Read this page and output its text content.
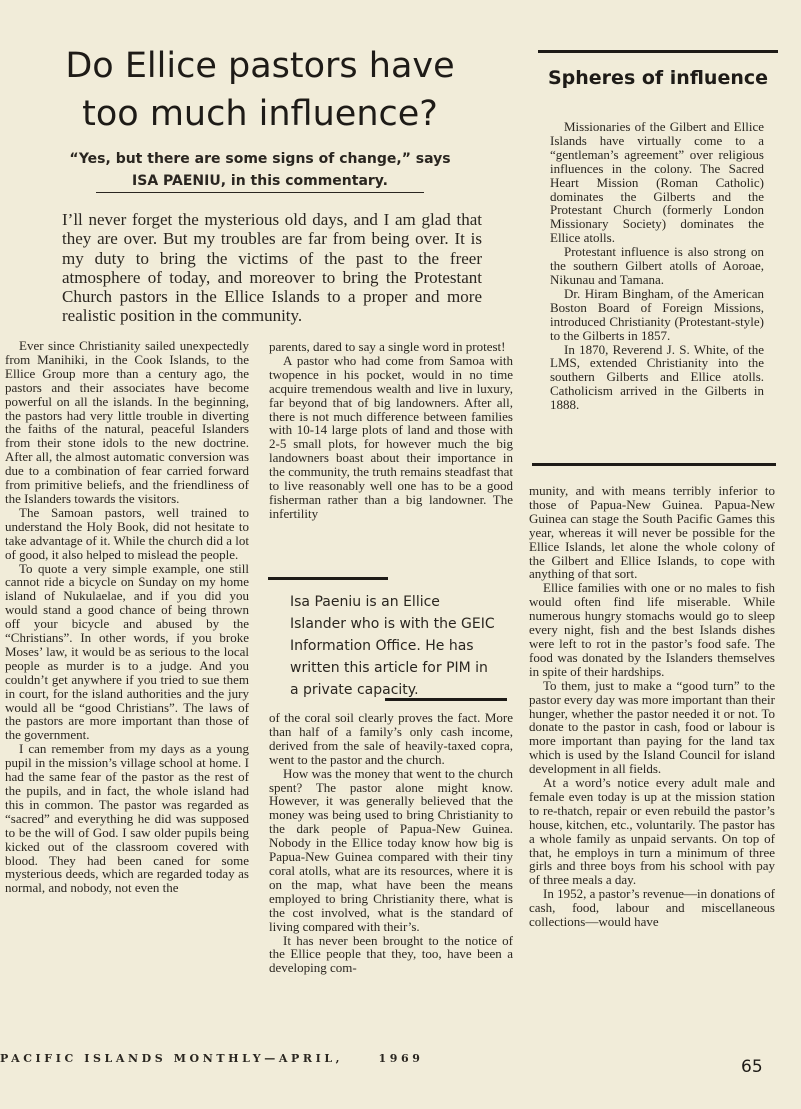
Do Ellice pastors have too much influence?
“Yes, but there are some signs of change,” says
ISA PAENIU, in this commentary.

I’ll never forget the mysterious old days, and I am glad that they are over. But my troubles are far from being over. It is my duty to bring the victims of the past to the freer atmosphere of today, and moreover to bring the Protestant Church pastors in the Ellice Islands to a proper and more realistic position in the community.

Ever since Christianity sailed unexpectedly from Manihiki, in the Cook Islands, to the Ellice Group more than a century ago, the pastors and their associates have become powerful on all the islands. In the beginning, the pastors had very little trouble in diverting the faiths of the natural, peaceful Islanders from their stone idols to the new doctrine. After all, the almost automatic conversion was due to a combination of fear carried forward from primitive beliefs, and the friendliness of the Islanders towards the visitors.

The Samoan pastors, well trained to understand the Holy Book, did not hesitate to take advantage of it. While the church did a lot of good, it also helped to mislead the people.

To quote a very simple example, one still cannot ride a bicycle on Sunday on my home island of Nukulaelae, and if you did you would stand a good chance of being thrown off your bicycle and abused by the “Christians”. In other words, if you broke Moses’ law, it would be as serious to the local people as murder is to a judge. And you couldn’t get anywhere if you tried to sue them in court, for the island authorities and the jury would all be “good Christians”. The laws of the pastors are more important than those of the government.

I can remember from my days as a young pupil in the mission’s village school at home. I had the same fear of the pastor as the rest of the pupils, and in fact, the whole island had this in common. The pastor was regarded as “sacred” and everything he did was supposed to be the will of God. I saw older pupils being kicked out of the classroom covered with blood. They had been caned for some mysterious deeds, which are regarded today as normal, and nobody, not even the

parents, dared to say a single word in protest!

A pastor who had come from Samoa with twopence in his pocket, would in no time acquire tremendous wealth and live in luxury, far beyond that of big landowners. After all, there is not much difference between families with 10-14 large plots of land and those with 2-5 small plots, for however much the big landowners boast about their importance in the community, the truth remains steadfast that to live reasonably well one has to be a good fisherman rather than a big landowner. The infertility

Isa Paeniu is an Ellice Islander who is with the GEIC Information Office. He has written this article for PIM in a private capacity.

of the coral soil clearly proves the fact. More than half of a family’s only cash income, derived from the sale of heavily-taxed copra, went to the pastor and the church.

How was the money that went to the church spent? The pastor alone might know. However, it was generally believed that the money was being used to bring Christianity to the dark people of Papua-New Guinea. Nobody in the Ellice today know how big is Papua-New Guinea compared with their tiny coral atolls, what are its resources, where it is on the map, what have been the means employed to bring Christianity there, what is the cost involved, what is the standard of living compared with their’s.

It has never been brought to the notice of the Ellice people that they, too, have been a developing com-

Spheres of influence

Missionaries of the Gilbert and Ellice Islands have virtually come to a “gentleman’s agreement” over religious influences in the colony. The Sacred Heart Mission (Roman Catholic) dominates the Gilberts and the Protestant Church (formerly London Missionary Society) dominates the Ellice atolls.

Protestant influence is also strong on the southern Gilbert atolls of Aoroae, Nikunau and Tamana.

Dr. Hiram Bingham, of the American Boston Board of Foreign Missions, introduced Christianity (Protestant-style) to the Gilberts in 1857.

In 1870, Reverend J. S. White, of the LMS, extended Christianity into the southern Gilberts and Ellice atolls. Catholicism arrived in the Gilberts in 1888.

munity, and with means terribly inferior to those of Papua-New Guinea. Papua-New Guinea can stage the South Pacific Games this year, whereas it will never be possible for the Ellice Islands, let alone the whole colony of the Gilbert and Ellice Islands, to cope with anything of that sort.

Ellice families with one or no males to fish would often find life miserable. While numerous hungry stomachs would go to sleep every night, fish and the best Islands dishes were left to rot in the pastor’s food safe. The food was donated by the Islanders themselves in spite of their hardships.

To them, just to make a “good turn” to the pastor every day was more important than their hunger, whether the pastor needed it or not. To donate to the pastor in cash, food or labour is more important than paying for the land tax which is used by the Island Council for island development in all fields.

At a word’s notice every adult male and female even today is up at the mission station to re-thatch, repair or even rebuild the pastor’s house, kitchen, etc., voluntarily. The pastor has a whole family as unpaid servants. On top of that, he employs in turn a minimum of three girls and three boys from his school with pay of three meals a day.

In 1952, a pastor’s revenue—in donations of cash, food, labour and miscellaneous collections—would have

PACIFIC ISLANDS MONTHLY—APRIL,	1969	65
